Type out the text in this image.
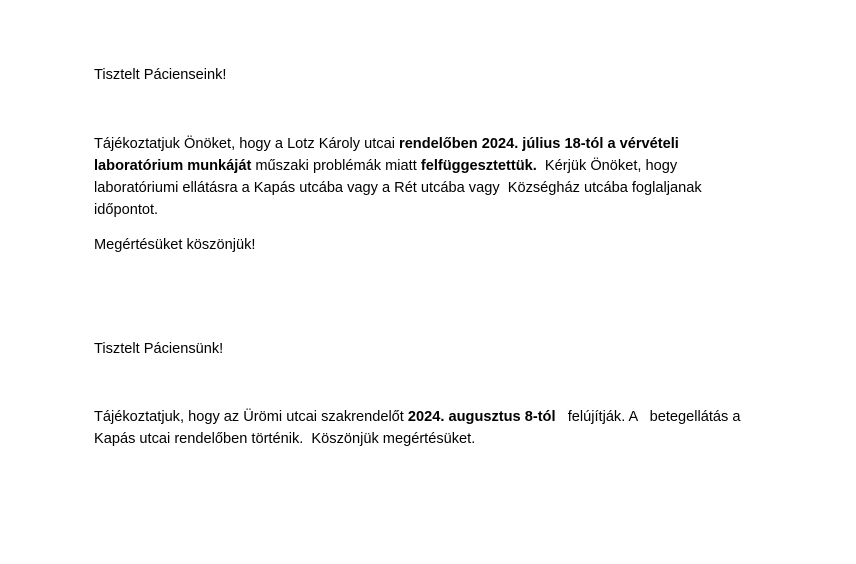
Tisztelt Pácienseink!

Tájékoztatjuk Önöket, hogy a Lotz Károly utcai rendelőben 2024. július 18-tól a vérvételi
laboratórium munkáját műszaki problémák miatt felfüggesztettük.  Kérjük Önöket, hogy
laboratóriumi ellátásra a Kapás utcába vagy a Rét utcába vagy  Községház utcába foglaljanak
időpontot.

Megértésüket köszönjük!

Tisztelt Páciensünk!

Tájékoztatjuk, hogy az Ürömi utcai szakrendelőt 2024. augusztus 8-tól   felújítják. A   betegellátás a
Kapás utcai rendelőben történik.  Köszönjük megértésüket.
